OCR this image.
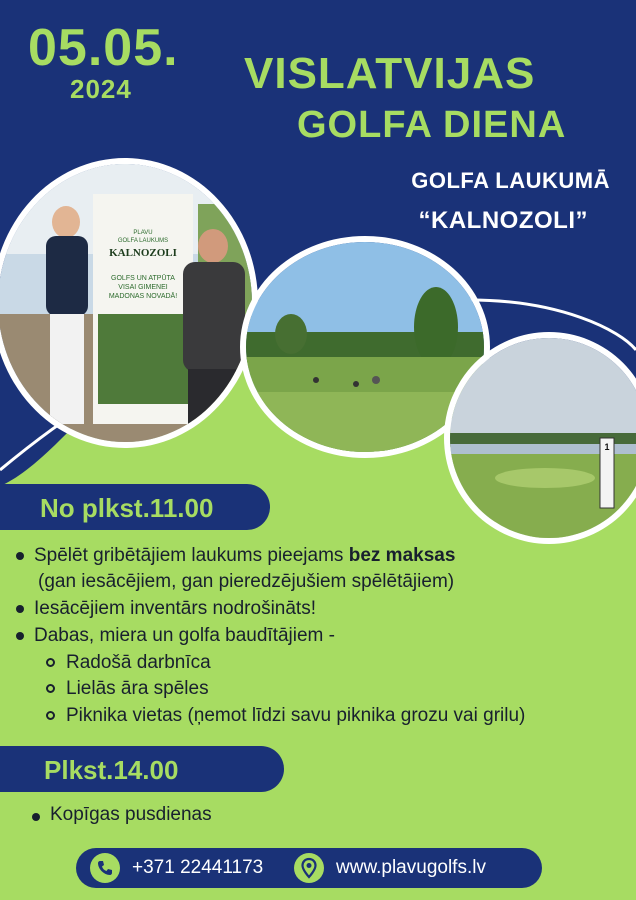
05.05.
2024	VISLATVIJAS
GOLFA DIENA
GOLFA LAUKUMĀ
“KALNOZOLI”
PLAVU
GOLFA LAUKUMS
KALNOZOLI
GOLFS UN ATPŪTA
VISAI GIMENEI
MADONAS NOVADĀ!
1
No plkst.11.00
Spēlēt gribētājiem laukums pieejams bez maksas
(gan iesācējiem, gan pieredzējušiem spēlētājiem)
Iesācējiem inventārs nodrošināts!
Dabas, miera un golfa baudītājiem -
Radošā darbnīca
Lielās āra spēles
Piknika vietas (ņemot līdzi savu piknika grozu vai grilu)
Plkst.14.00
Kopīgas pusdienas
+371 22441173	www.plavugolfs.lv
